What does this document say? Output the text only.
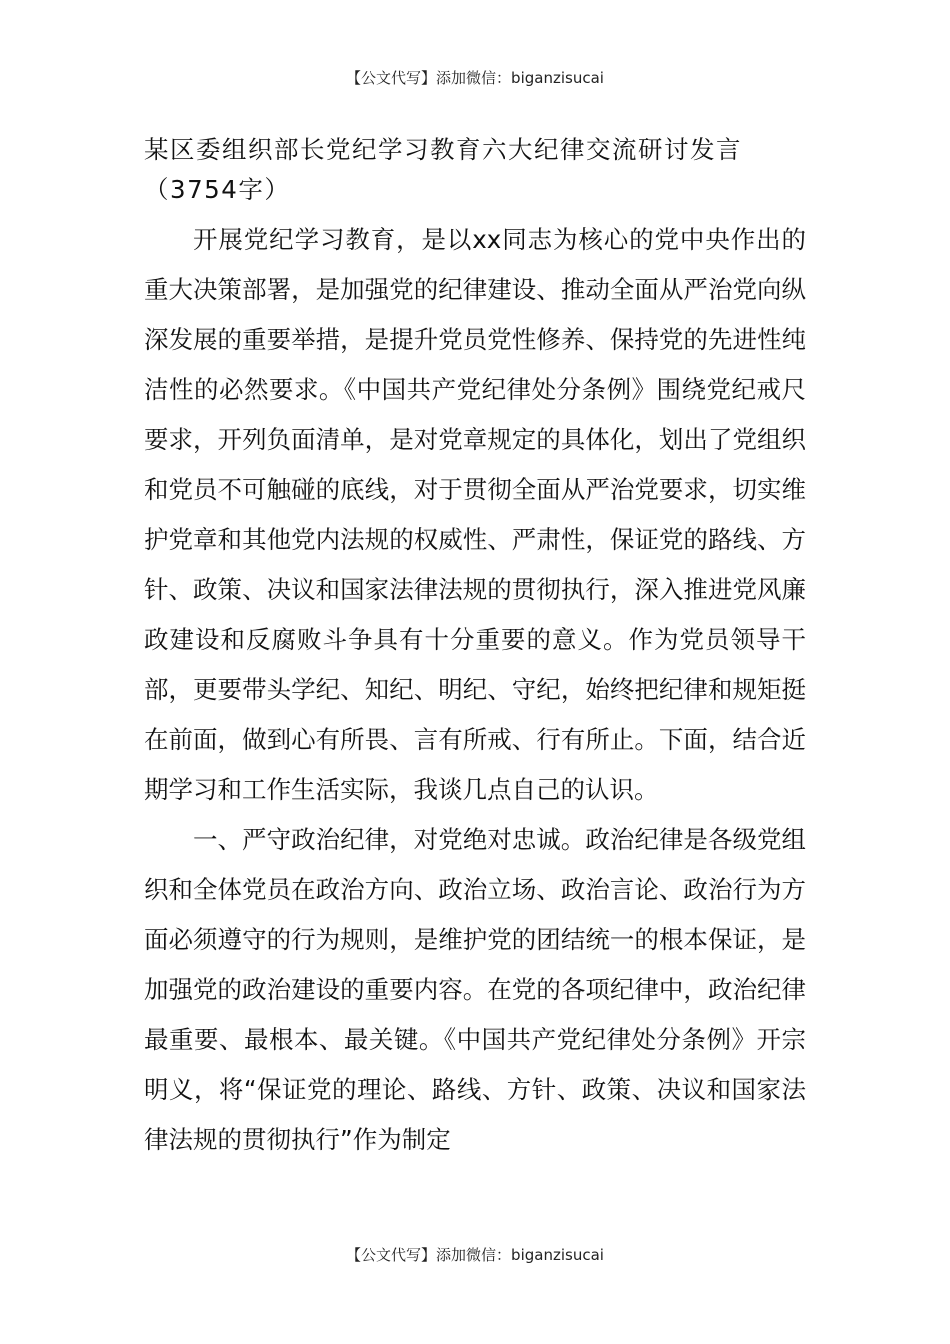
【公文代写】添加微信：biganzisucai
某区委组织部长党纪学习教育六大纪律交流研讨发言（3754字）

开展党纪学习教育，是以xx同志为核心的党中央作出的重大决策部署，是加强党的纪律建设、推动全面从严治党向纵深发展的重要举措，是提升党员党性修养、保持党的先进性纯洁性的必然要求。《中国共产党纪律处分条例》围绕党纪戒尺要求，开列负面清单，是对党章规定的具体化，划出了党组织和党员不可触碰的底线，对于贯彻全面从严治党要求，切实维护党章和其他党内法规的权威性、严肃性，保证党的路线、方针、政策、决议和国家法律法规的贯彻执行，深入推进党风廉政建设和反腐败斗争具有十分重要的意义。作为党员领导干部，更要带头学纪、知纪、明纪、守纪，始终把纪律和规矩挺在前面，做到心有所畏、言有所戒、行有所止。下面，结合近期学习和工作生活实际，我谈几点自己的认识。

一、严守政治纪律，对党绝对忠诚。政治纪律是各级党组织和全体党员在政治方向、政治立场、政治言论、政治行为方面必须遵守的行为规则，是维护党的团结统一的根本保证，是加强党的政治建设的重要内容。在党的各项纪律中，政治纪律最重要、最根本、最关键。《中国共产党纪律处分条例》开宗明义，将“保证党的理论、路线、方针、政策、决议和国家法律法规的贯彻执行”作为制定

【公文代写】添加微信：biganzisucai
